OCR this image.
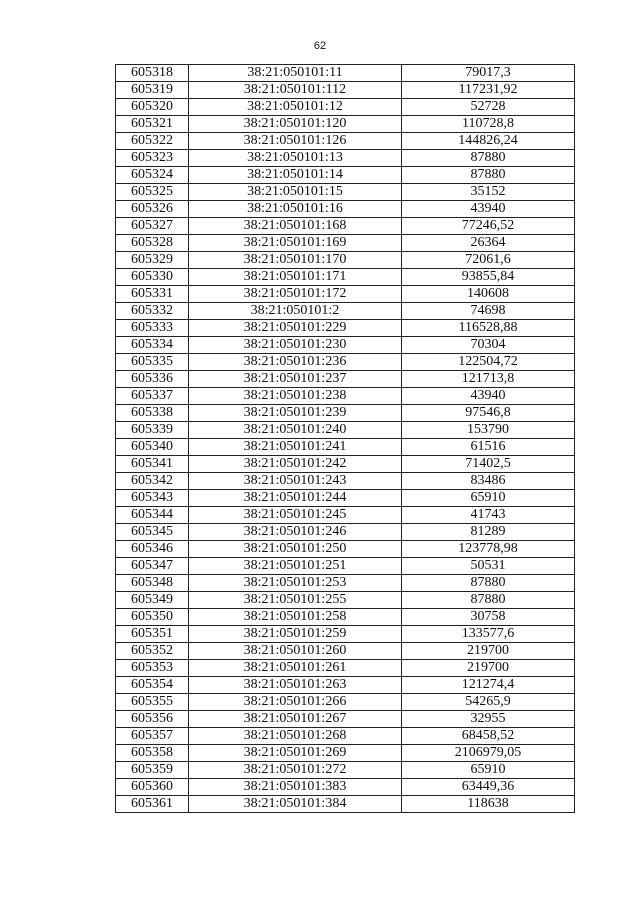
62
605318	38:21:050101:11	79017,3
605319	38:21:050101:112	117231,92
605320	38:21:050101:12	52728
605321	38:21:050101:120	110728,8
605322	38:21:050101:126	144826,24
605323	38:21:050101:13	87880
605324	38:21:050101:14	87880
605325	38:21:050101:15	35152
605326	38:21:050101:16	43940
605327	38:21:050101:168	77246,52
605328	38:21:050101:169	26364
605329	38:21:050101:170	72061,6
605330	38:21:050101:171	93855,84
605331	38:21:050101:172	140608
605332	38:21:050101:2	74698
605333	38:21:050101:229	116528,88
605334	38:21:050101:230	70304
605335	38:21:050101:236	122504,72
605336	38:21:050101:237	121713,8
605337	38:21:050101:238	43940
605338	38:21:050101:239	97546,8
605339	38:21:050101:240	153790
605340	38:21:050101:241	61516
605341	38:21:050101:242	71402,5
605342	38:21:050101:243	83486
605343	38:21:050101:244	65910
605344	38:21:050101:245	41743
605345	38:21:050101:246	81289
605346	38:21:050101:250	123778,98
605347	38:21:050101:251	50531
605348	38:21:050101:253	87880
605349	38:21:050101:255	87880
605350	38:21:050101:258	30758
605351	38:21:050101:259	133577,6
605352	38:21:050101:260	219700
605353	38:21:050101:261	219700
605354	38:21:050101:263	121274,4
605355	38:21:050101:266	54265,9
605356	38:21:050101:267	32955
605357	38:21:050101:268	68458,52
605358	38:21:050101:269	2106979,05
605359	38:21:050101:272	65910
605360	38:21:050101:383	63449,36
605361	38:21:050101:384	118638
